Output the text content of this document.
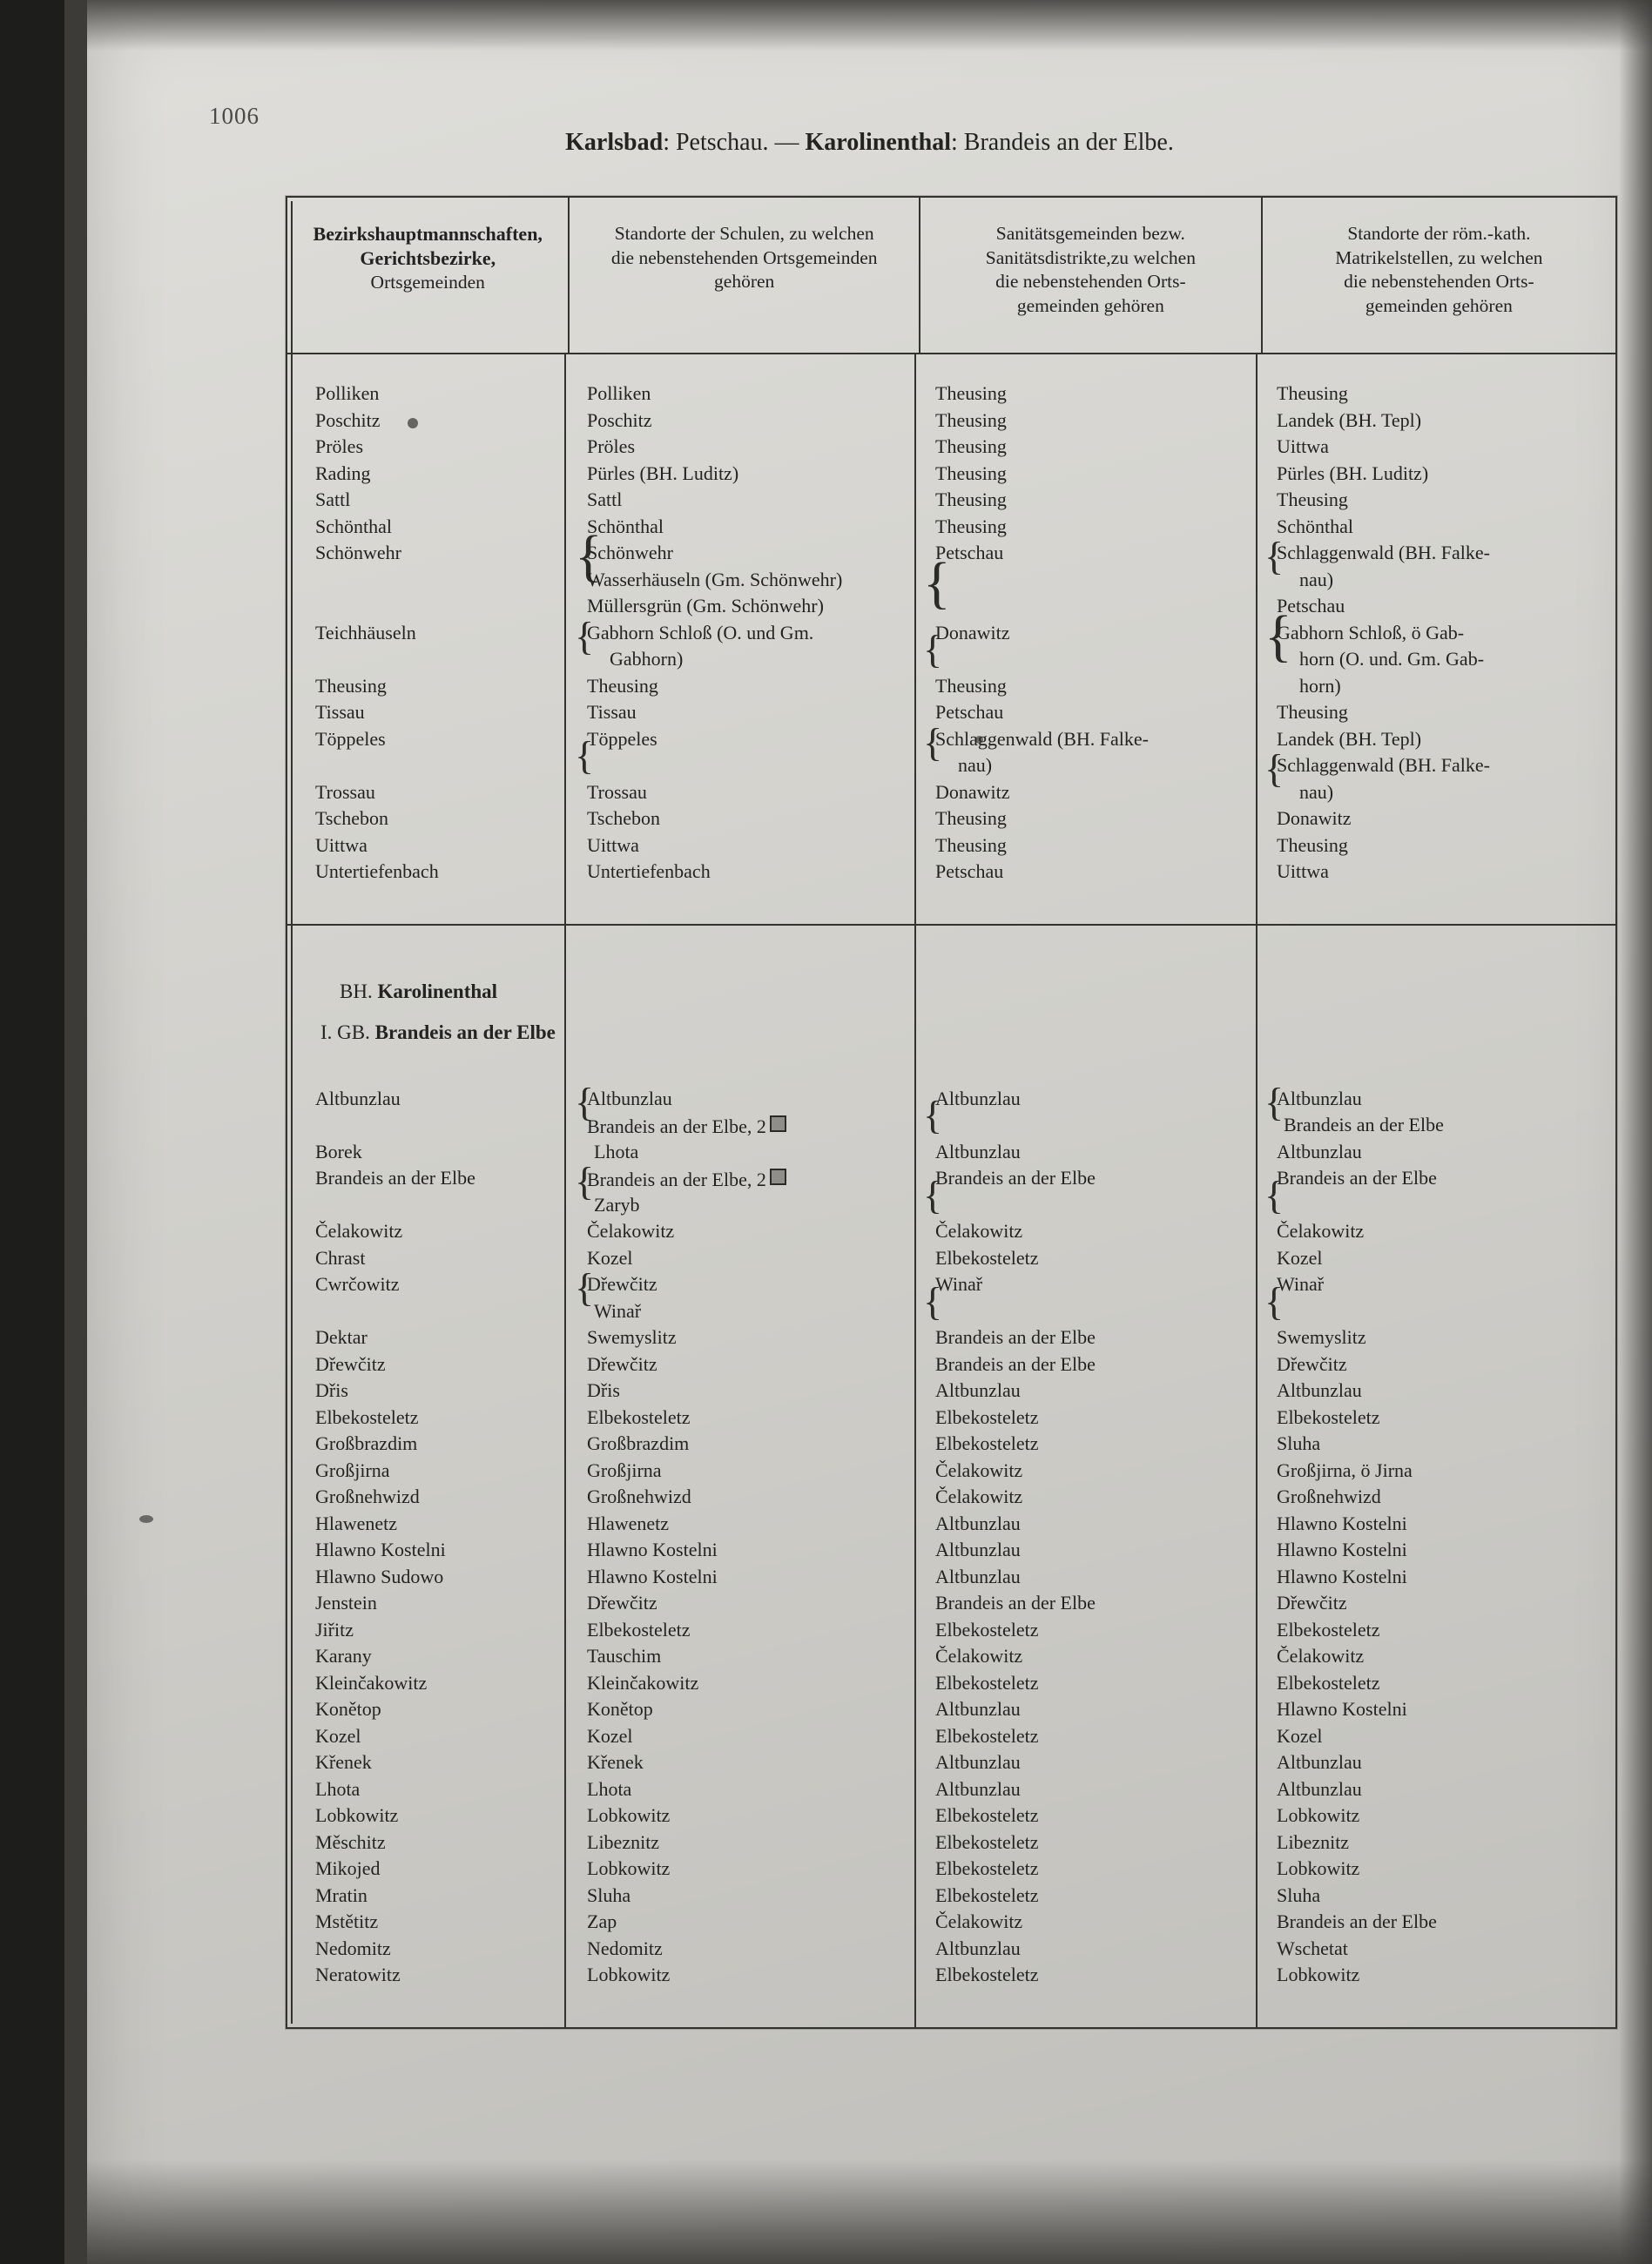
1006
Karlsbad: Petschau. — Karolinenthal: Brandeis an der Elbe.
Bezirkshauptmannschaften,
Gerichtsbezirke,
Ortsgemeinden
Standorte der Schulen, zu welchen
die nebenstehenden Ortsgemeinden
gehören
Sanitätsgemeinden bezw.
Sanitätsdistrikte,zu welchen
die nebenstehenden Orts-
gemeinden gehören
Standorte der röm.-kath.
Matrikelstellen, zu welchen
die nebenstehenden Orts-
gemeinden gehören
Polliken
Poschitz
Pröles
Rading
Sattl
Schönthal
Schönwehr
Teichhäuseln
Theusing
Tissau
Töppeles
Trossau
Tschebon
Uittwa
Untertiefenbach
Polliken
Poschitz
Pröles
Pürles (BH. Luditz)
Sattl
Schönthal
{
Schönwehr
Wasserhäuseln (Gm. Schönwehr)
Müllersgrün (Gm. Schönwehr)
{
Gabhorn Schloß (O. und Gm.
Gabhorn)
Theusing
Tissau
{
Töppeles
Trossau
Tschebon
Uittwa
Untertiefenbach
Theusing
Theusing
Theusing
Theusing
Theusing
Theusing
{
Petschau
{
Donawitz
Theusing
Petschau
{
Schlaggenwald (BH. Falke-
nau)
Donawitz
Theusing
Theusing
Petschau
Theusing
Landek (BH. Tepl)
Uittwa
Pürles (BH. Luditz)
Theusing
Schönthal
{
Schlaggenwald (BH. Falke-
nau)
Petschau
{
Gabhorn Schloß, ö Gab-
horn (O. und. Gm. Gab-
horn)
Theusing
Landek (BH. Tepl)
{
Schlaggenwald (BH. Falke-
nau)
Donawitz
Theusing
Uittwa
BH. Karolinenthal
I. GB. Brandeis an der Elbe
Altbunzlau
Borek
Brandeis an der Elbe
Čelakowitz
Chrast
Cwrčowitz
Dektar
Dřewčitz
Dřis
Elbekosteletz
Großbrazdim
Großjirna
Großnehwizd
Hlawenetz
Hlawno Kostelni
Hlawno Sudowo
Jenstein
Jiřitz
Karany
Kleinčakowitz
Konětop
Kozel
Křenek
Lhota
Lobkowitz
Měschitz
Mikojed
Mratin
Mstětitz
Nedomitz
Neratowitz
{
Altbunzlau
Brandeis an der Elbe, 2
Lhota
{
Brandeis an der Elbe, 2
Zaryb
Čelakowitz
Kozel
{
Dřewčitz
Winař
Swemyslitz
Dřewčitz
Dřis
Elbekosteletz
Großbrazdim
Großjirna
Großnehwizd
Hlawenetz
Hlawno Kostelni
Hlawno Kostelni
Dřewčitz
Elbekosteletz
Tauschim
Kleinčakowitz
Konětop
Kozel
Křenek
Lhota
Lobkowitz
Libeznitz
Lobkowitz
Sluha
Zap
Nedomitz
Lobkowitz
{
Altbunzlau
Altbunzlau
{
Brandeis an der Elbe
Čelakowitz
Elbekosteletz
{
Winař
Brandeis an der Elbe
Brandeis an der Elbe
Altbunzlau
Elbekosteletz
Elbekosteletz
Čelakowitz
Čelakowitz
Altbunzlau
Altbunzlau
Altbunzlau
Brandeis an der Elbe
Elbekosteletz
Čelakowitz
Elbekosteletz
Altbunzlau
Elbekosteletz
Altbunzlau
Altbunzlau
Elbekosteletz
Elbekosteletz
Elbekosteletz
Elbekosteletz
Čelakowitz
Altbunzlau
Elbekosteletz
{
Altbunzlau
Brandeis an der Elbe
Altbunzlau
{
Brandeis an der Elbe
Čelakowitz
Kozel
{
Winař
Swemyslitz
Dřewčitz
Altbunzlau
Elbekosteletz
Sluha
Großjirna, ö Jirna
Großnehwizd
Hlawno Kostelni
Hlawno Kostelni
Hlawno Kostelni
Dřewčitz
Elbekosteletz
Čelakowitz
Elbekosteletz
Hlawno Kostelni
Kozel
Altbunzlau
Altbunzlau
Lobkowitz
Libeznitz
Lobkowitz
Sluha
Brandeis an der Elbe
Wschetat
Lobkowitz
